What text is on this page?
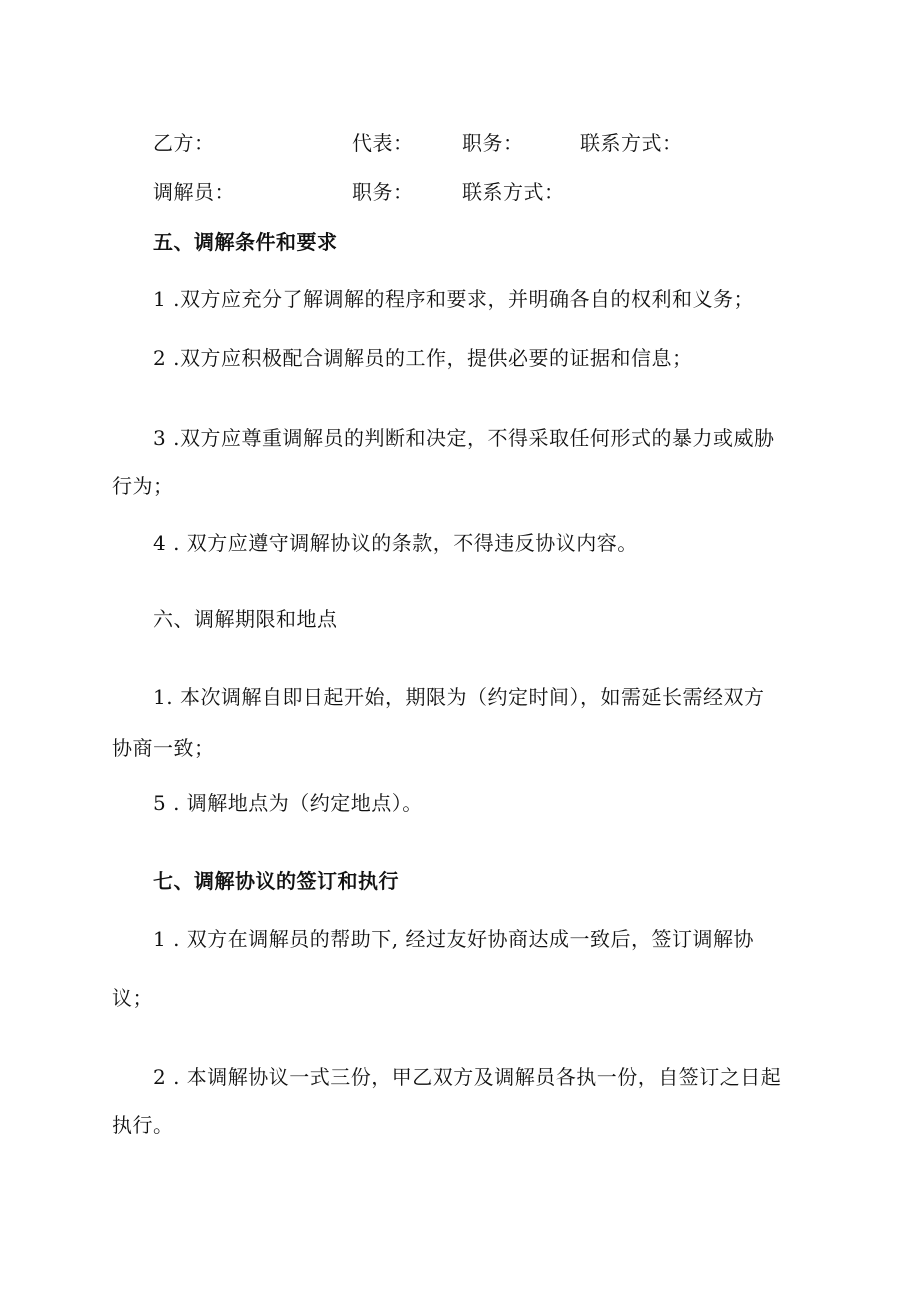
乙方：	代表： 职务：	联系方式：
调解员：	职务： 联系方式：
五、调解条件和要求
1 .双方应充分了解调解的程序和要求，并明确各自的权利和义务；
2 .双方应积极配合调解员的工作，提供必要的证据和信息；
3 .双方应尊重调解员的判断和决定，不得采取任何形式的暴力或威胁
行为；
4 . 双方应遵守调解协议的条款，不得违反协议内容。
六、调解期限和地点
1. 本次调解自即日起开始，期限为（约定时间），如需延长需经双方
协商一致；
5 . 调解地点为（约定地点）。
七、调解协议的签订和执行
1 . 双方在调解员的帮助下, 经过友好协商达成一致后，签订调解协
议；
2 . 本调解协议一式三份，甲乙双方及调解员各执一份，自签订之日起
执行。
